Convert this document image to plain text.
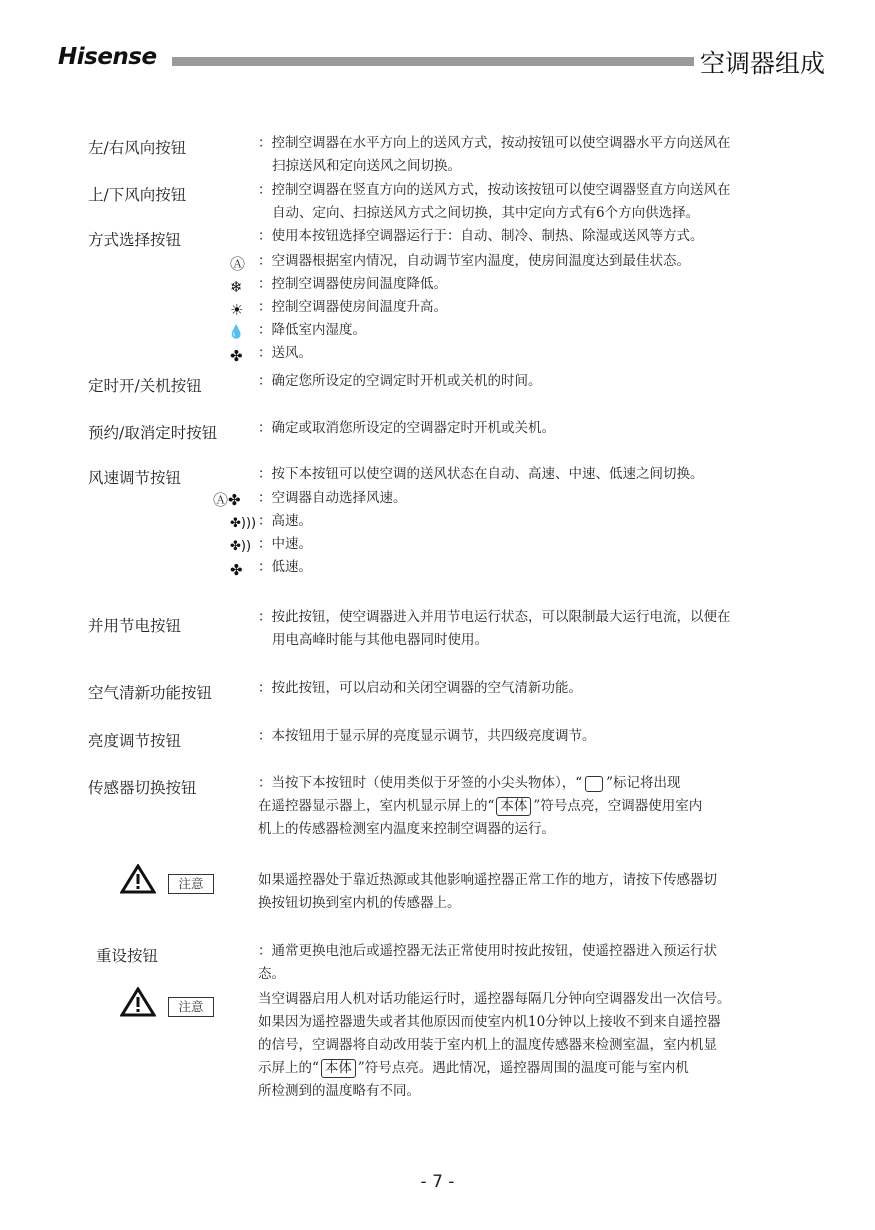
Hisense	空调器组成
左/右风向按钮	：控制空调器在水平方向上的送风方式，按动按钮可以使空调器水平方向送风在
扫掠送风和定向送风之间切换。
上/下风向按钮	：控制空调器在竖直方向的送风方式，按动该按钮可以使空调器竖直方向送风在
自动、定向、扫掠送风方式之间切换，其中定向方式有6个方向供选择。
方式选择按钮	：使用本按钮选择空调器运行于：自动、制冷、制热、除湿或送风等方式。
Ⓐ ：空调器根据室内情况，自动调节室内温度，使房间温度达到最佳状态。
❄ ：控制空调器使房间温度降低。
☀ ：控制空调器使房间温度升高。
💧 ：降低室内湿度。
✤ ：送风。
定时开/关机按钮	：确定您所设定的空调定时开机或关机的时间。
预约/取消定时按钮	：确定或取消您所设定的空调器定时开机或关机。
风速调节按钮	：按下本按钮可以使空调的送风状态在自动、高速、中速、低速之间切换。
Ⓐ✤ ：空调器自动选择风速。
✤))) ：高速。
✤)) ：中速。
✤ ：低速。
并用节电按钮	：按此按钮，使空调器进入并用节电运行状态，可以限制最大运行电流，以便在
用电高峰时能与其他电器同时使用。
空气清新功能按钮	：按此按钮，可以启动和关闭空调器的空气清新功能。
亮度调节按钮	：本按钮用于显示屏的亮度显示调节，共四级亮度调节。
传感器切换按钮	：当按下本按钮时（使用类似于牙签的小尖头物体），“ ”标记将出现
在遥控器显示器上，室内机显示屏上的“ 本体 ”符号点亮，空调器使用室内
机上的传感器检测室内温度来控制空调器的运行。
注意	如果遥控器处于靠近热源或其他影响遥控器正常工作的地方，请按下传感器切
换按钮切换到室内机的传感器上。
重设按钮	：通常更换电池后或遥控器无法正常使用时按此按钮，使遥控器进入预运行状
态。
注意	当空调器启用人机对话功能运行时，遥控器每隔几分钟向空调器发出一次信号。
如果因为遥控器遗失或者其他原因而使室内机10分钟以上接收不到来自遥控器
的信号，空调器将自动改用装于室内机上的温度传感器来检测室温，室内机显
示屏上的“ 本体 ”符号点亮。遇此情况，遥控器周围的温度可能与室内机
所检测到的温度略有不同。
- 7 -
